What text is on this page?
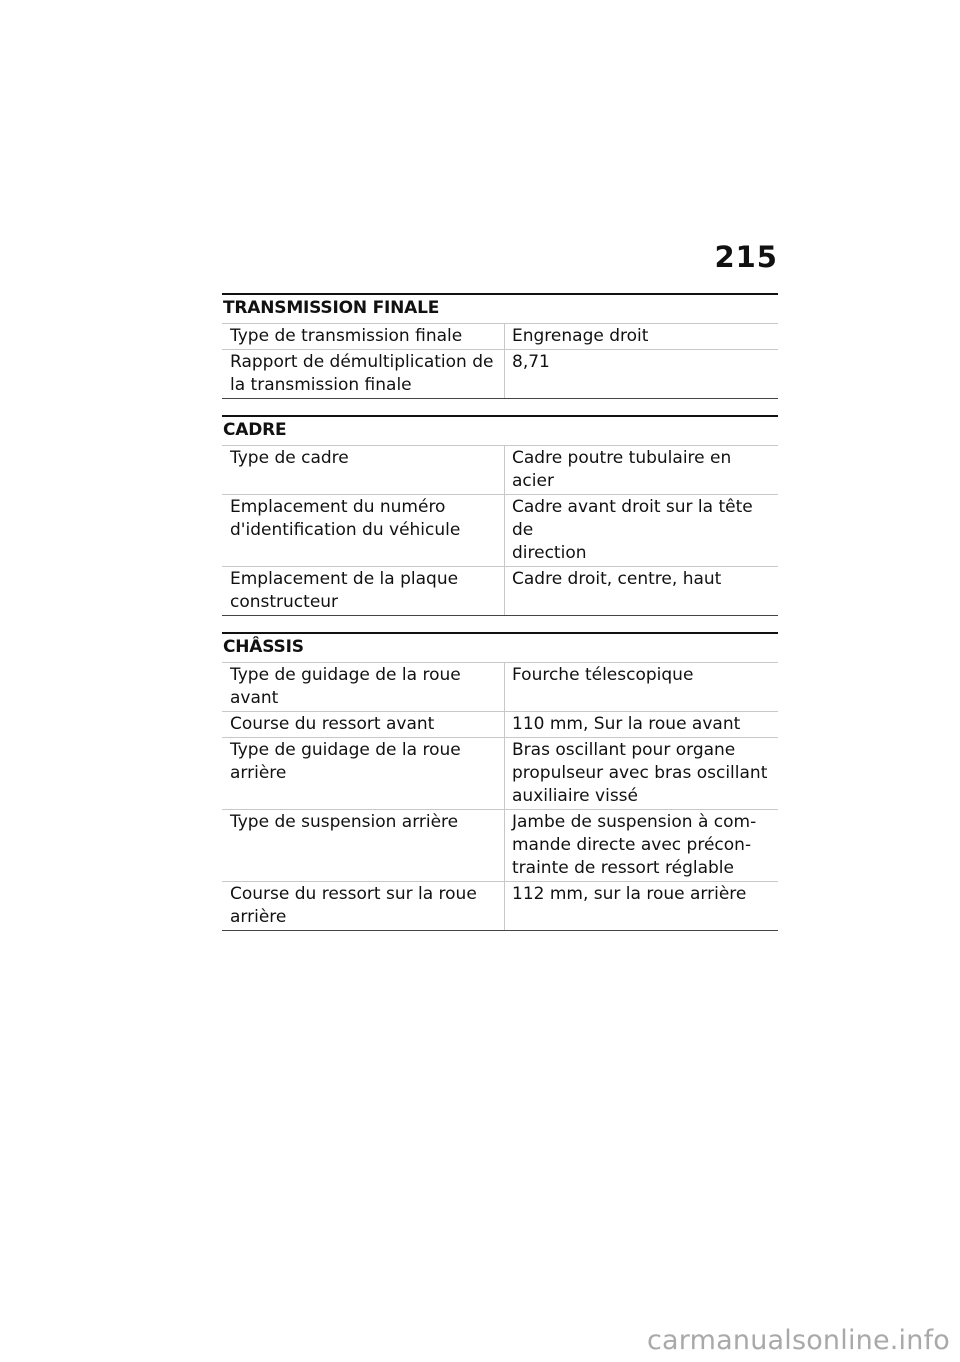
215
TRANSMISSION FINALE
Type de transmission finale	Engrenage droit
Rapport de démultiplication de
la transmission finale	8,71
CADRE
Type de cadre	Cadre poutre tubulaire en acier
Emplacement du numéro
d'identification du véhicule	Cadre avant droit sur la tête de
direction
Emplacement de la plaque
constructeur	Cadre droit, centre, haut
CHÂSSIS
Type de guidage de la roue
avant	Fourche télescopique
Course du ressort avant	110 mm, Sur la roue avant
Type de guidage de la roue
arrière	Bras oscillant pour organe
propulseur avec bras oscillant
auxiliaire vissé
Type de suspension arrière	Jambe de suspension à com-
mande directe avec précon-
trainte de ressort réglable
Course du ressort sur la roue
arrière	112 mm, sur la roue arrière
carmanualsonline.info
